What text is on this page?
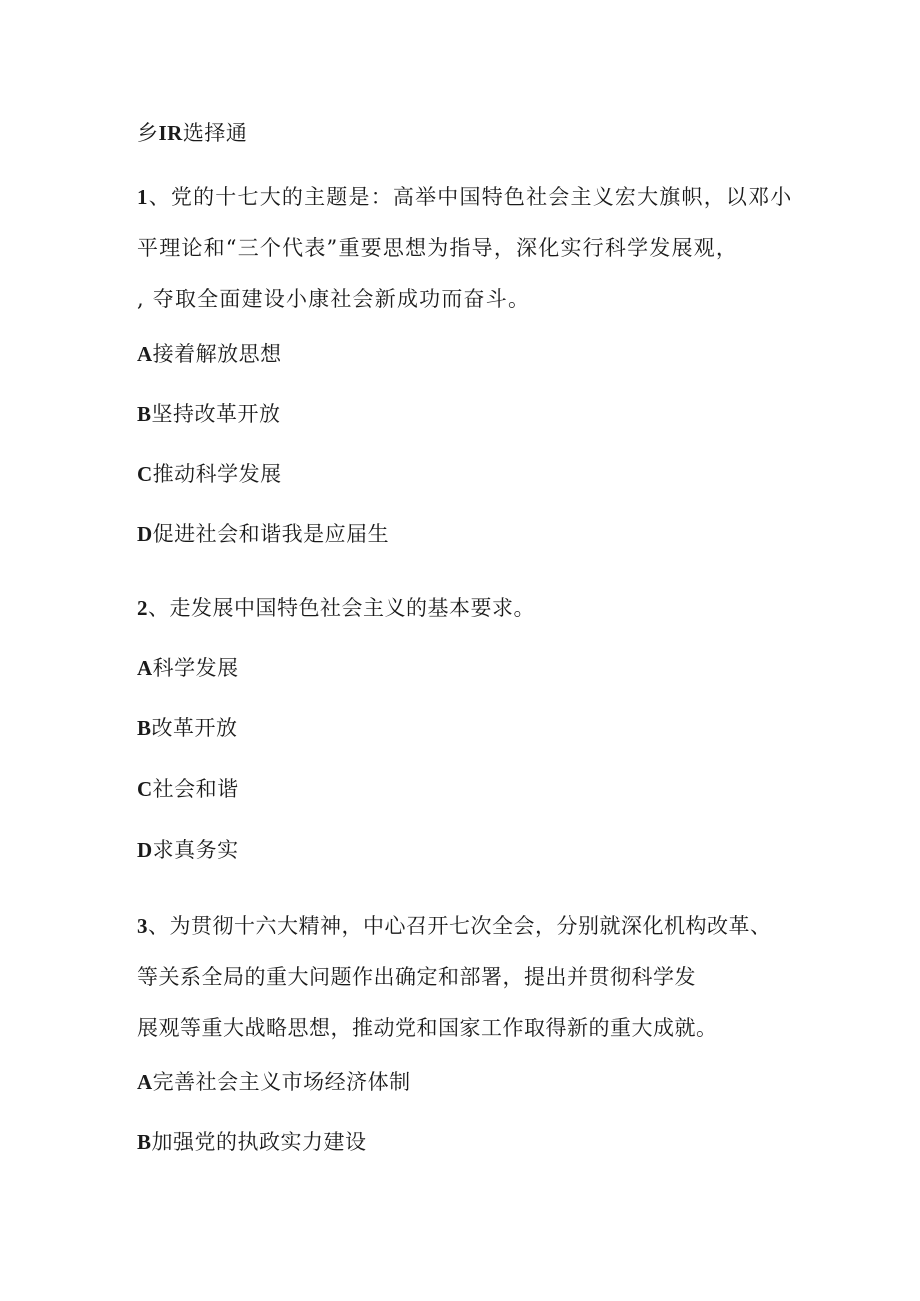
乡IR选择通
1、党的十七大的主题是：高举中国特色社会主义宏大旗帜，以邓小
平理论和“三个代表”重要思想为指导，深化实行科学发展观，
, 夺取全面建设小康社会新成功而奋斗。
A接着解放思想
B坚持改革开放
C推动科学发展
D促进社会和谐我是应届生
2、走发展中国特色社会主义的基本要求。
A科学发展
B改革开放
C社会和谐
D求真务实
3、为贯彻十六大精神，中心召开七次全会，分别就深化机构改革、
等关系全局的重大问题作出确定和部署，提出并贯彻科学发
展观等重大战略思想，推动党和国家工作取得新的重大成就。
A完善社会主义市场经济体制
B加强党的执政实力建设
